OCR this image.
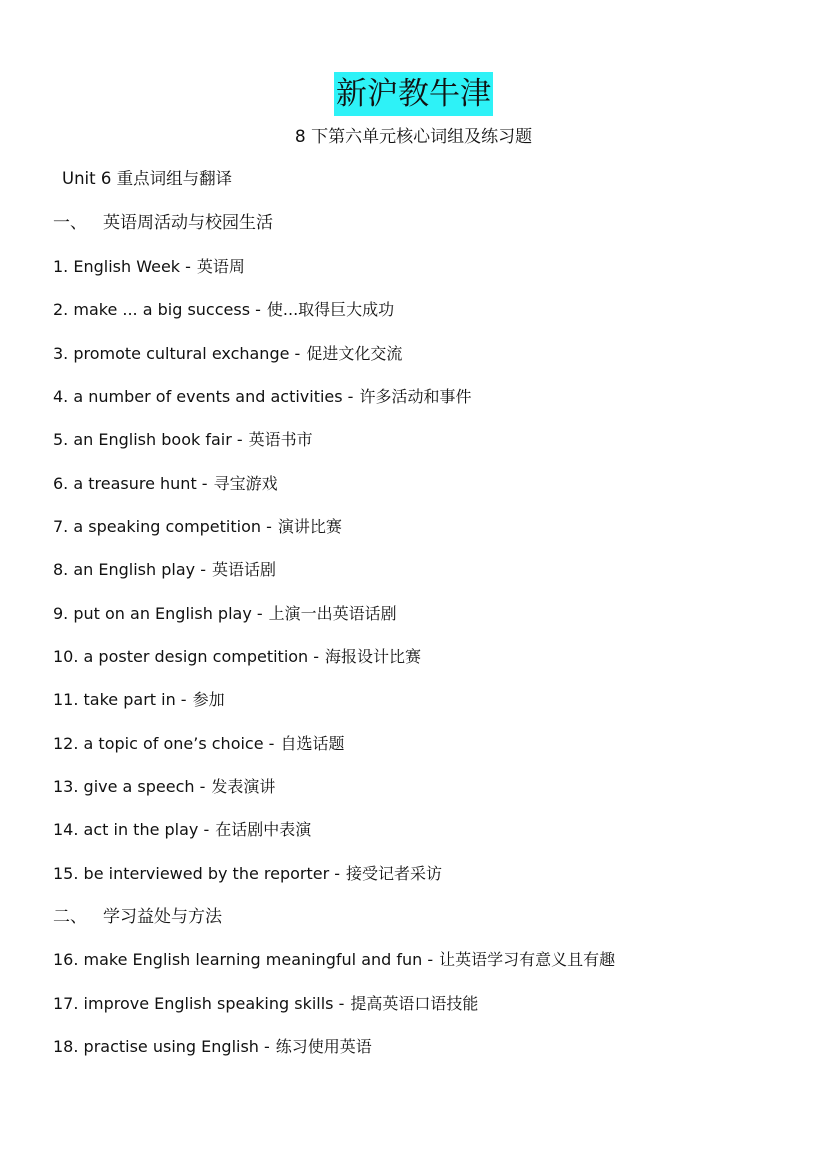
新沪教牛津
8 下第六单元核心词组及练习题
Unit 6 重点词组与翻译
一、 英语周活动与校园生活
1. English Week - 英语周
2. make ... a big success - 使...取得巨大成功
3. promote cultural exchange - 促进文化交流
4. a number of events and activities - 许多活动和事件
5. an English book fair - 英语书市
6. a treasure hunt - 寻宝游戏
7. a speaking competition - 演讲比赛
8. an English play - 英语话剧
9. put on an English play - 上演一出英语话剧
10. a poster design competition - 海报设计比赛
11. take part in - 参加
12. a topic of one’s choice - 自选话题
13. give a speech - 发表演讲
14. act in the play - 在话剧中表演
15. be interviewed by the reporter - 接受记者采访
二、 学习益处与方法
16. make English learning meaningful and fun - 让英语学习有意义且有趣
17. improve English speaking skills - 提高英语口语技能
18. practise using English - 练习使用英语
